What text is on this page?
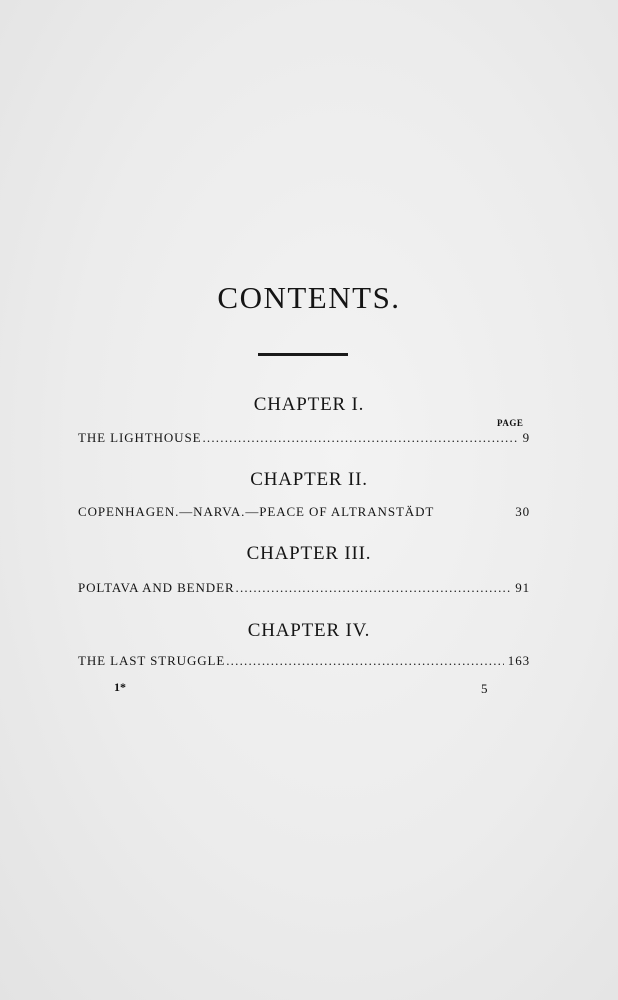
CONTENTS.
CHAPTER I.
PAGE
THE LIGHTHOUSE .....	9
CHAPTER II.
COPENHAGEN.—NARVA.—PEACE OF ALTRANSTÄDT	30
CHAPTER III.
POLTAVA AND BENDER .....	91
CHAPTER IV.
THE LAST STRUGGLE .....	163
1*	5
